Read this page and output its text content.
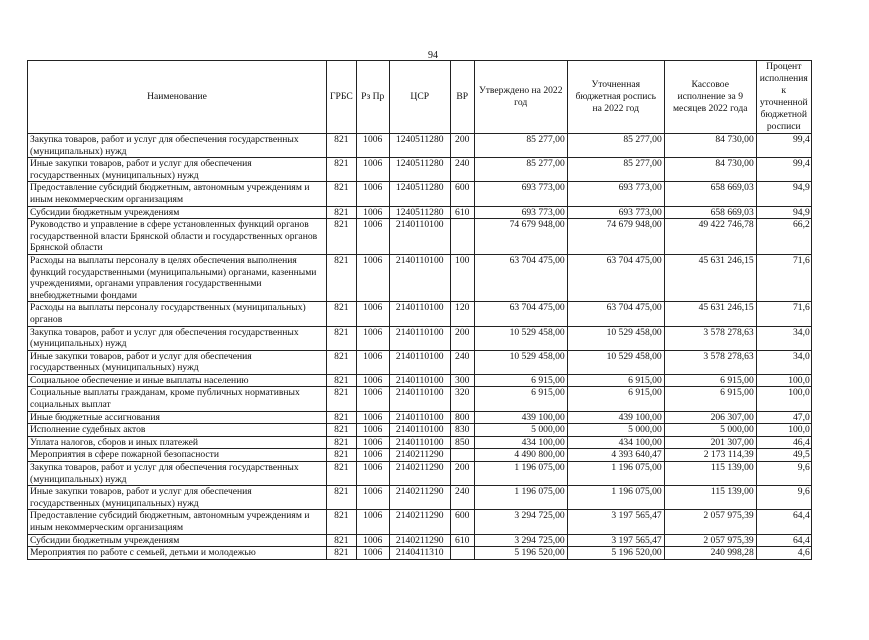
94
Наименование	ГРБС	Рз Пр	ЦСР	ВР	Утверждено на 2022 год	Уточненная бюджетная роспись на 2022 год	Кассовое исполнение за 9 месяцев 2022 года	Процент исполнения к уточненной бюджетной росписи
Закупка товаров, работ и услуг для обеспечения государственных (муниципальных) нужд	821	1006	1240511280	200	85 277,00	85 277,00	84 730,00	99,4
Иные закупки товаров, работ и услуг для обеспечения государственных (муниципальных) нужд	821	1006	1240511280	240	85 277,00	85 277,00	84 730,00	99,4
Предоставление субсидий бюджетным, автономным учреждениям и иным некоммерческим организациям	821	1006	1240511280	600	693 773,00	693 773,00	658 669,03	94,9
Субсидии бюджетным учреждениям	821	1006	1240511280	610	693 773,00	693 773,00	658 669,03	94,9
Руководство и управление в сфере установленных функций органов государственной власти Брянской области и государственных органов Брянской области	821	1006	2140110100		74 679 948,00	74 679 948,00	49 422 746,78	66,2
Расходы на выплаты персоналу в целях обеспечения выполнения функций государственными (муниципальными) органами, казенными учреждениями, органами управления государственными внебюджетными фондами	821	1006	2140110100	100	63 704 475,00	63 704 475,00	45 631 246,15	71,6
Расходы на выплаты персоналу государственных (муниципальных) органов	821	1006	2140110100	120	63 704 475,00	63 704 475,00	45 631 246,15	71,6
Закупка товаров, работ и услуг для обеспечения государственных (муниципальных) нужд	821	1006	2140110100	200	10 529 458,00	10 529 458,00	3 578 278,63	34,0
Иные закупки товаров, работ и услуг для обеспечения государственных (муниципальных) нужд	821	1006	2140110100	240	10 529 458,00	10 529 458,00	3 578 278,63	34,0
Социальное обеспечение и иные выплаты населению	821	1006	2140110100	300	6 915,00	6 915,00	6 915,00	100,0
Социальные выплаты гражданам, кроме публичных нормативных социальных выплат	821	1006	2140110100	320	6 915,00	6 915,00	6 915,00	100,0
Иные бюджетные ассигнования	821	1006	2140110100	800	439 100,00	439 100,00	206 307,00	47,0
Исполнение судебных актов	821	1006	2140110100	830	5 000,00	5 000,00	5 000,00	100,0
Уплата налогов, сборов и иных платежей	821	1006	2140110100	850	434 100,00	434 100,00	201 307,00	46,4
Мероприятия в сфере пожарной безопасности	821	1006	2140211290		4 490 800,00	4 393 640,47	2 173 114,39	49,5
Закупка товаров, работ и услуг для обеспечения государственных (муниципальных) нужд	821	1006	2140211290	200	1 196 075,00	1 196 075,00	115 139,00	9,6
Иные закупки товаров, работ и услуг для обеспечения государственных (муниципальных) нужд	821	1006	2140211290	240	1 196 075,00	1 196 075,00	115 139,00	9,6
Предоставление субсидий бюджетным, автономным учреждениям и иным некоммерческим организациям	821	1006	2140211290	600	3 294 725,00	3 197 565,47	2 057 975,39	64,4
Субсидии бюджетным учреждениям	821	1006	2140211290	610	3 294 725,00	3 197 565,47	2 057 975,39	64,4
Мероприятия по работе с семьей, детьми и молодежью	821	1006	2140411310		5 196 520,00	5 196 520,00	240 998,28	4,6
